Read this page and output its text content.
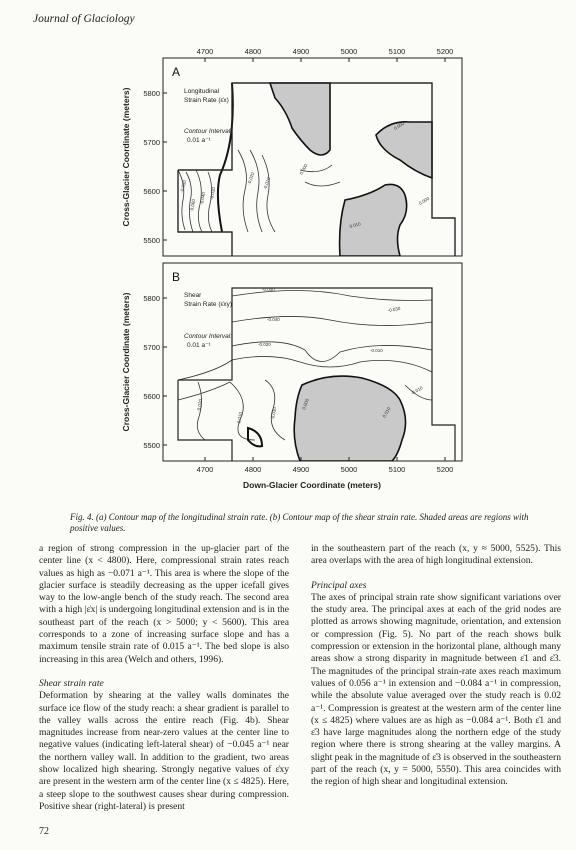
Journal of Glaciology
4700	4800	4900	5000	5100	5200
4700	4800	4900	5000	5100	5200
5800
5700
5600
5500
5800
5700
5600
5500
Cross-Glacier Coordinate (meters)
Cross-Glacier Coordinate (meters)
Down-Glacier Coordinate (meters)
A
Longitudinal
Strain Rate (ε̇x)
Contour Interval:
0.01 a⁻¹
-0.050
-0.060
-0.040 -0.030
-0.020 -0.010
0.000
0.000
0.000
0.010
B
Shear
Strain Rate (ε̇xy)
Contour Interval:
0.01 a⁻¹
-0.040
-0.030
-0.040
-0.020
-0.010
-0.020
-0.010	-0.030
0.000
0.010
-0.010
Fig. 4. (a) Contour map of the longitudinal strain rate. (b) Contour map of the shear strain rate. Shaded areas are regions with positive values.

a region of strong compression in the up-glacier part of the center line (x < 4800). Here, compressional strain rates reach values as high as −0.071 a⁻¹. This area is where the slope of the glacier surface is steadily decreasing as the upper icefall gives way to the low-angle bench of the study reach. The second area with a high |ε̇x| is undergoing longitudinal extension and is in the southeast part of the reach (x > 5000; y < 5600). This area corresponds to a zone of increasing surface slope and has a maximum tensile strain rate of 0.015 a⁻¹. The bed slope is also increasing in this area (Welch and others, 1996).

Shear strain rate

Deformation by shearing at the valley walls dominates the surface ice flow of the study reach: a shear gradient is parallel to the valley walls across the entire reach (Fig. 4b). Shear magnitudes increase from near-zero values at the center line to negative values (indicating left-lateral shear) of −0.045 a⁻¹ near the northern valley wall. In addition to the gradient, two areas show localized high shearing. Strongly negative values of ε̇xy are present in the western arm of the center line (x ≤ 4825). Here, a steep slope to the southwest causes shear during compression. Positive shear (right-lateral) is present

in the southeastern part of the reach (x, y ≈ 5000, 5525). This area overlaps with the area of high longitudinal extension.

Principal axes

The axes of principal strain rate show significant variations over the study area. The principal axes at each of the grid nodes are plotted as arrows showing magnitude, orientation, and extension or compression (Fig. 5). No part of the reach shows bulk compression or extension in the horizontal plane, although many areas show a strong disparity in magnitude between ε̇1 and ε̇3. The magnitudes of the principal strain-rate axes reach maximum values of 0.056 a⁻¹ in extension and −0.084 a⁻¹ in compression, while the absolute value averaged over the study reach is 0.02 a⁻¹. Compression is greatest at the western arm of the center line (x ≤ 4825) where values are as high as −0.084 a⁻¹. Both ε̇1 and ε̇3 have large magnitudes along the northern edge of the study region where there is strong shearing at the valley margins. A slight peak in the magnitude of ε̇3 is observed in the southeastern part of the reach (x, y = 5000, 5550). This area coincides with the region of high shear and longitudinal extension.

72
